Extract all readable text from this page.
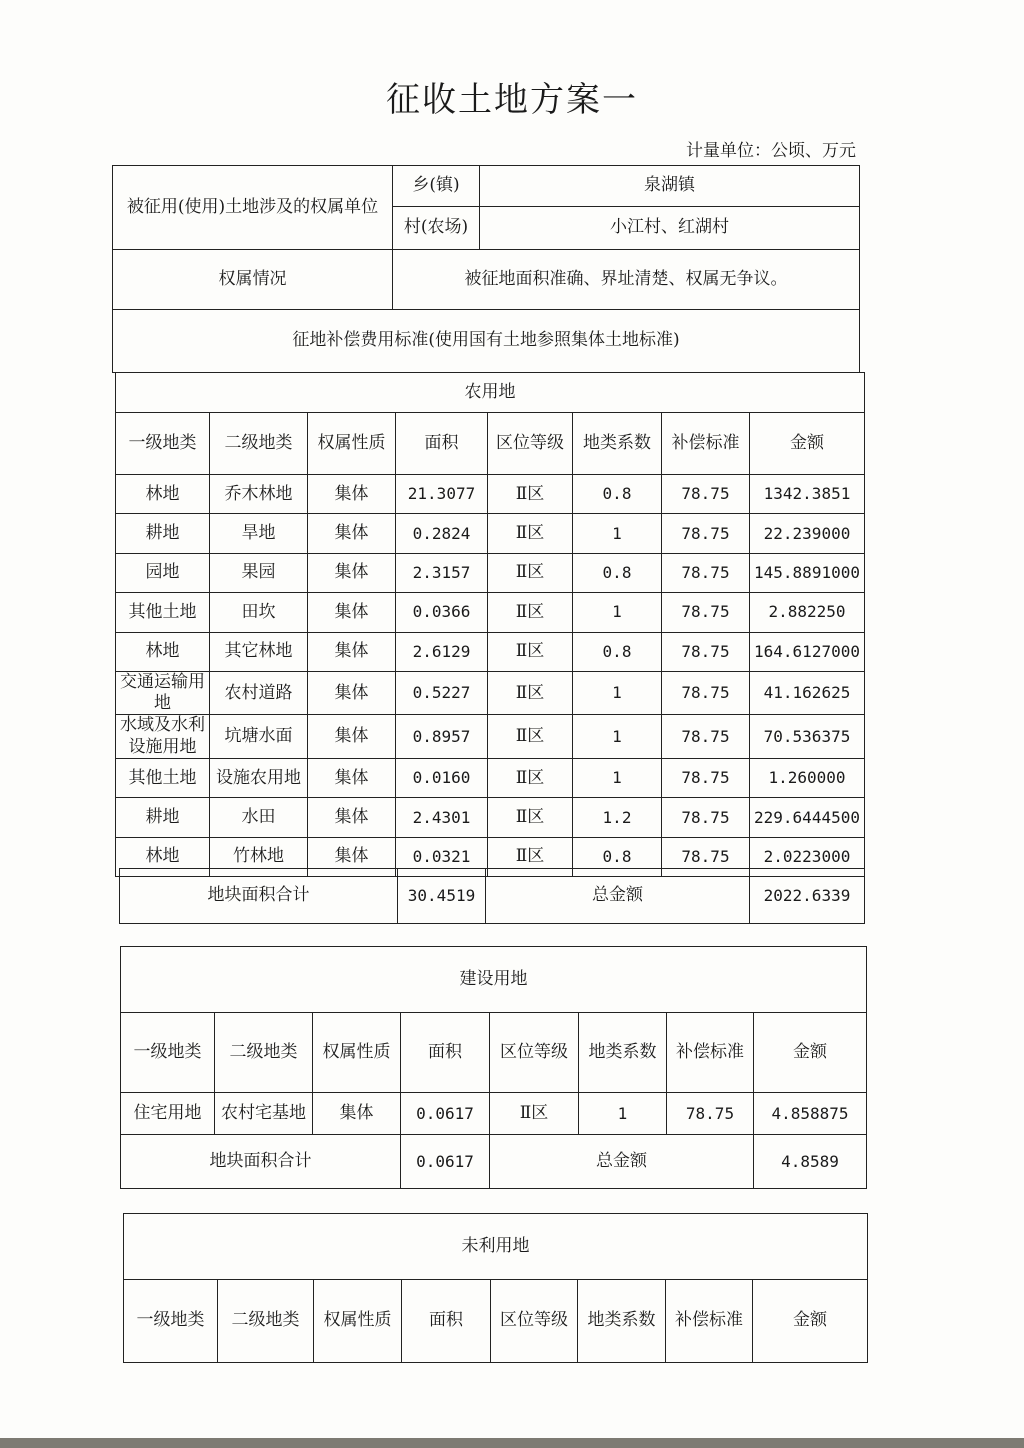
征收土地方案一
计量单位：公顷、万元
被征用(使用)土地涉及的权属单位	乡(镇)	泉湖镇
	村(农场)	小江村、红湖村
权属情况	被征地面积准确、界址清楚、权属无争议。	
征地补偿费用标准(使用国有土地参照集体土地标准)		
农用地							
一级地类	二级地类	权属性质	面积	区位等级	地类系数	补偿标准	金额
林地	乔木林地	集体	21.3077	Ⅱ区	0.8	78.75	1342.3851
耕地	旱地	集体	0.2824	Ⅱ区	1	78.75	22.239000
园地	果园	集体	2.3157	Ⅱ区	0.8	78.75	145.8891000
其他土地	田坎	集体	0.0366	Ⅱ区	1	78.75	2.882250
林地	其它林地	集体	2.6129	Ⅱ区	0.8	78.75	164.6127000
交通运输用地	农村道路	集体	0.5227	Ⅱ区	1	78.75	41.162625
水域及水利设施用地	坑塘水面	集体	0.8957	Ⅱ区	1	78.75	70.536375
其他土地	设施农用地	集体	0.0160	Ⅱ区	1	78.75	1.260000
耕地	水田	集体	2.4301	Ⅱ区	1.2	78.75	229.6444500
林地	竹林地	集体	0.0321	Ⅱ区	0.8	78.75	2.0223000
地块面积合计	30.4519	总金额	2022.6339
建设用地							
一级地类	二级地类	权属性质	面积	区位等级	地类系数	补偿标准	金额
住宅用地	农村宅基地	集体	0.0617	Ⅱ区	1	78.75	4.858875
地块面积合计			0.0617	总金额			4.8589
未利用地
一级地类	二级地类	权属性质	面积	区位等级	地类系数	补偿标准	金额
